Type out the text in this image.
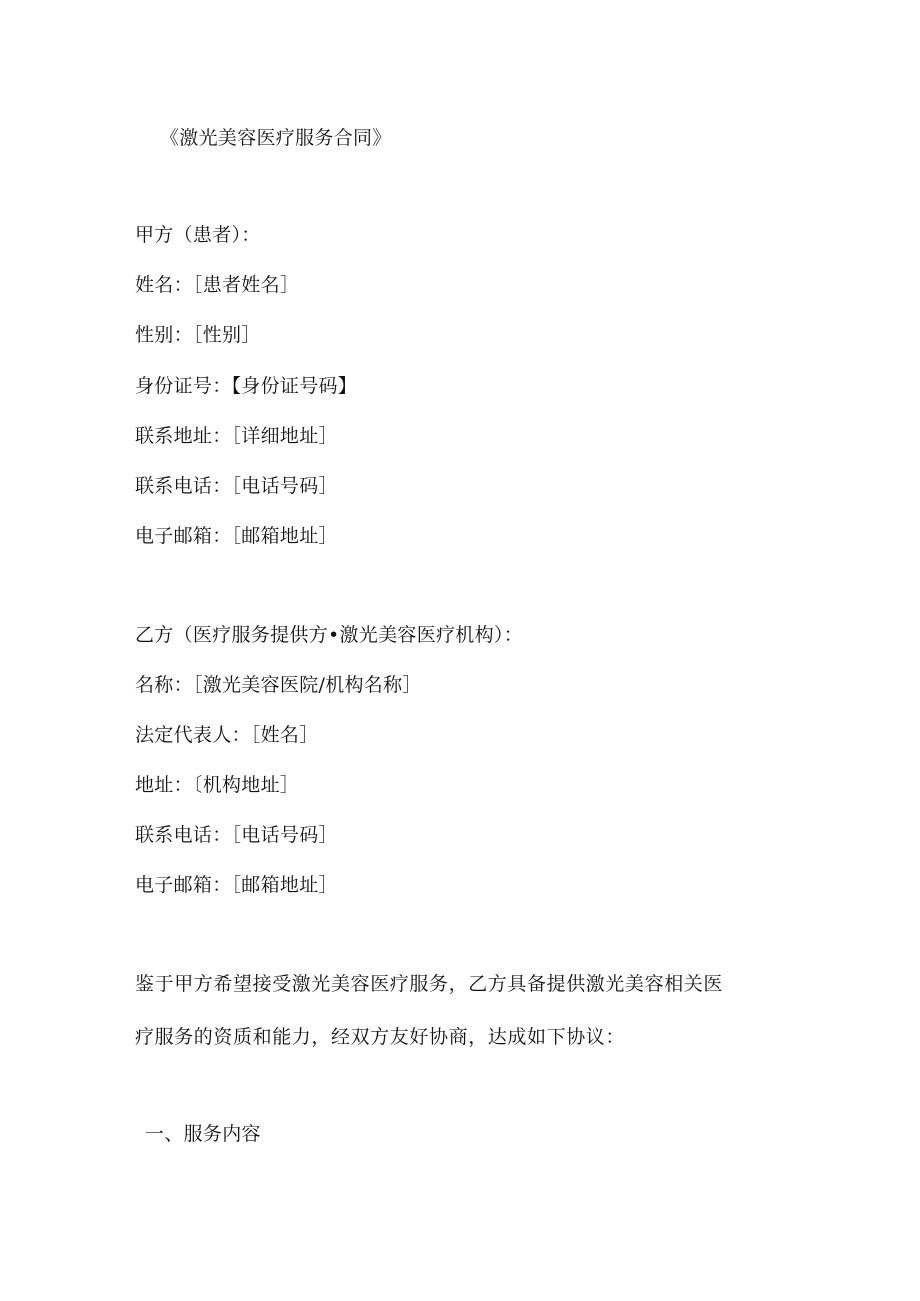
《激光美容医疗服务合同》
甲方（患者）：
姓名：［患者姓名］
性别：［性别］
身份证号：【身份证号码】
联系地址：［详细地址］
联系电话：［电话号码］
电子邮箱：［邮箱地址］
乙方（医疗服务提供方•激光美容医疗机构）：
名称：［激光美容医院/机构名称］
法定代表人：［姓名］
地址：〔机构地址］
联系电话：［电话号码］
电子邮箱：［邮箱地址］
鉴于甲方希望接受激光美容医疗服务，乙方具备提供激光美容相关医
疗服务的资质和能力，经双方友好协商，达成如下协议：
一、服务内容
